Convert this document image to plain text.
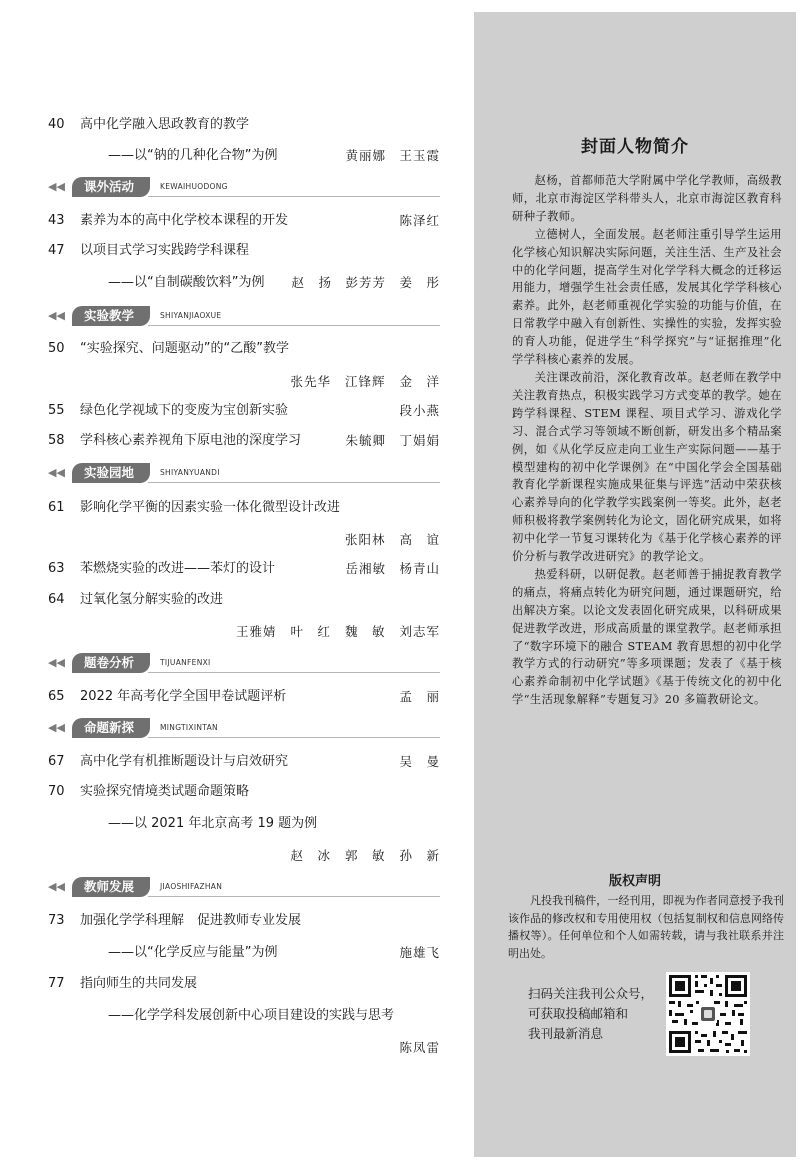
40 高中化学融入思政教育的教学
——以“钠的几种化合物”为例	黄丽娜　王玉霞
◀◀	课外活动	KEWAIHUODONG
43 素养为本的高中化学校本课程的开发	陈泽红
47 以项目式学习实践跨学科课程
——以“自制碳酸饮料”为例 赵　扬　彭芳芳　姜　彤
◀◀	实验教学	SHIYANJIAOXUE
50 “实验探究、问题驱动”的“乙酸”教学
张先华 江锋辉 金　洋
55 绿色化学视域下的变废为宝创新实验	段小燕
58 学科核心素养视角下原电池的深度学习	朱毓卿　丁娟娟
◀◀	实验园地	SHIYANYUANDI
61 影响化学平衡的因素实验一体化微型设计改进
张阳林 高　谊
63 苯燃烧实验的改进——苯灯的设计	岳湘敏　杨青山
64 过氧化氢分解实验的改进
王雅婧 叶　红 魏　敏 刘志军
◀◀	题卷分析	TIJUANFENXI
65 2022 年高考化学全国甲卷试题评析	孟　丽
◀◀	命题新探	MINGTIXINTAN
67 高中化学有机推断题设计与启效研究	吴　曼
70 实验探究情境类试题命题策略
——以 2021 年北京高考 19 题为例
赵　冰 郭　敏 孙　新
◀◀	教师发展	JIAOSHIFAZHAN
73 加强化学学科理解　促进教师专业发展
——以“化学反应与能量”为例	施雄飞
77 指向师生的共同发展
——化学学科发展创新中心项目建设的实践与思考
陈凤雷
封面人物简介

赵杨，首都师范大学附属中学化学教师，高级教师，北京市海淀区学科带头人，北京市海淀区教育科研种子教师。

立德树人，全面发展。赵老师注重引导学生运用化学核心知识解决实际问题，关注生活、生产及社会中的化学问题，提高学生对化学学科大概念的迁移运用能力，增强学生社会责任感，发展其化学学科核心素养。此外，赵老师重视化学实验的功能与价值，在日常教学中融入有创新性、实操性的实验，发挥实验的育人功能，促进学生“科学探究”与“证据推理”化学学科核心素养的发展。

关注课改前沿，深化教育改革。赵老师在教学中关注教育热点，积极实践学习方式变革的教学。她在跨学科课程、STEM 课程、项目式学习、游戏化学习、混合式学习等领域不断创新，研发出多个精品案例，如《从化学反应走向工业生产实际问题——基于模型建构的初中化学课例》在“中国化学会全国基础教育化学新课程实施成果征集与评选”活动中荣获核心素养导向的化学教学实践案例一等奖。此外，赵老师积极将教学案例转化为论文，固化研究成果，如将初中化学一节复习课转化为《基于化学核心素养的评价分析与教学改进研究》的教学论文。

热爱科研，以研促教。赵老师善于捕捉教育教学的痛点，将痛点转化为研究问题，通过课题研究，给出解决方案。以论文发表固化研究成果，以科研成果促进教学改进，形成高质量的课堂教学。赵老师承担了“数字环境下的融合 STEAM 教育思想的初中化学教学方式的行动研究”等多项课题；发表了《基于核心素养命制初中化学试题》《基于传统文化的初中化学“生活现象解释”专题复习》20 多篇教研论文。

版权声明

凡投我刊稿件，一经刊用，即视为作者同意授予我刊该作品的修改权和专用使用权（包括复制权和信息网络传播权等）。任何单位和个人如需转载，请与我社联系并注明出处。

扫码关注我刊公众号，
可获取投稿邮箱和
我刊最新消息
